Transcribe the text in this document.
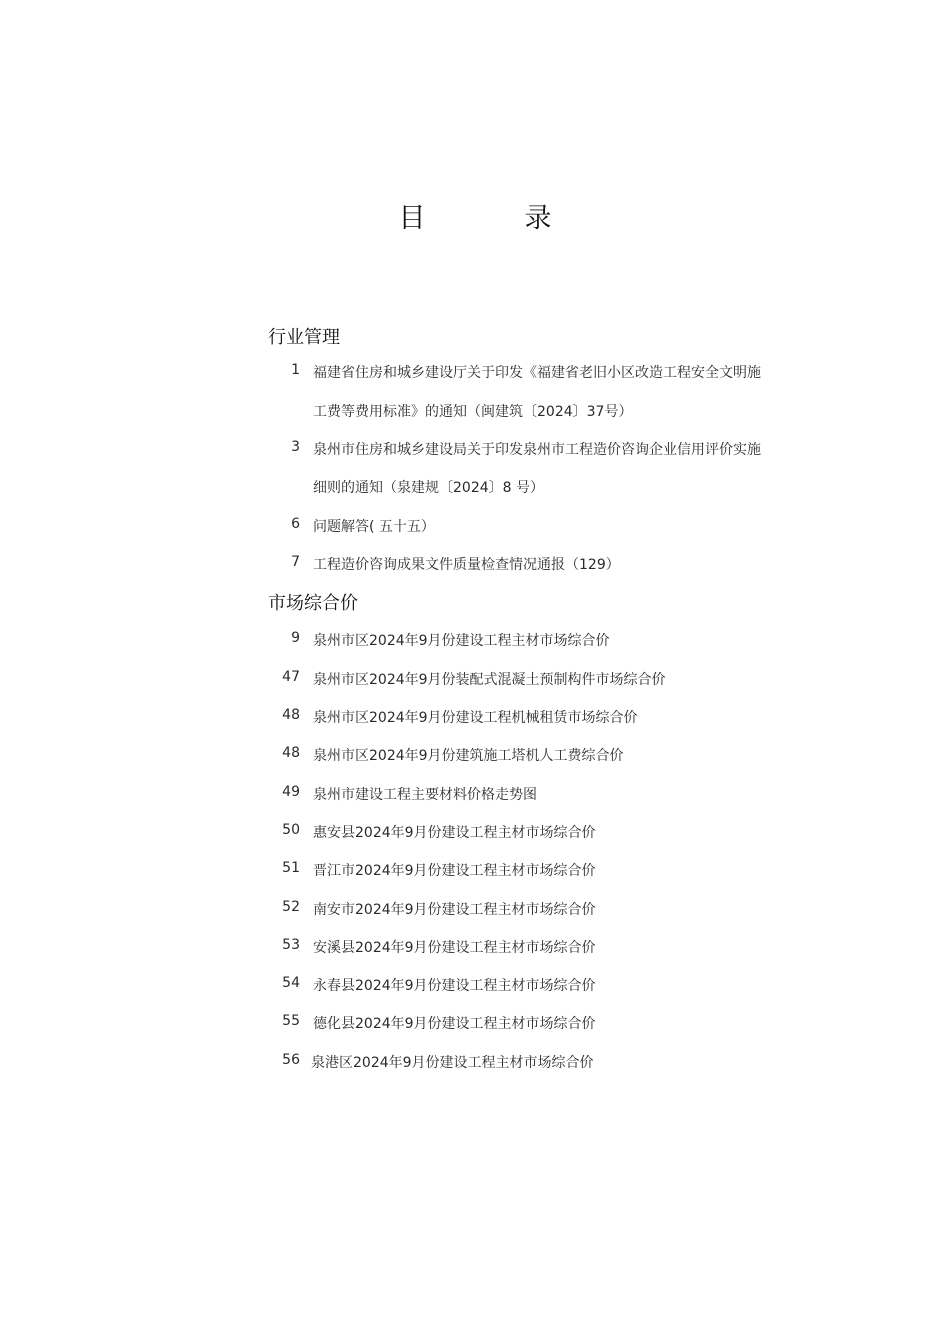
目　录
行业管理
1 福建省住房和城乡建设厅关于印发《福建省老旧小区改造工程安全文明施
工费等费用标准》的通知（闽建筑〔2024〕37号）
3 泉州市住房和城乡建设局关于印发泉州市工程造价咨询企业信用评价实施
细则的通知（泉建规〔2024〕8 号）
6 问题解答( 五十五）
7 工程造价咨询成果文件质量检查情况通报（129）
市场综合价
9 泉州市区2024年9月份建设工程主材市场综合价
47 泉州市区2024年9月份装配式混凝土预制构件市场综合价
48 泉州市区2024年9月份建设工程机械租赁市场综合价
48 泉州市区2024年9月份建筑施工塔机人工费综合价
49 泉州市建设工程主要材料价格走势图
50 惠安县2024年9月份建设工程主材市场综合价
51 晋江市2024年9月份建设工程主材市场综合价
52 南安市2024年9月份建设工程主材市场综合价
53 安溪县2024年9月份建设工程主材市场综合价
54 永春县2024年9月份建设工程主材市场综合价
55 德化县2024年9月份建设工程主材市场综合价
56 泉港区2024年9月份建设工程主材市场综合价
